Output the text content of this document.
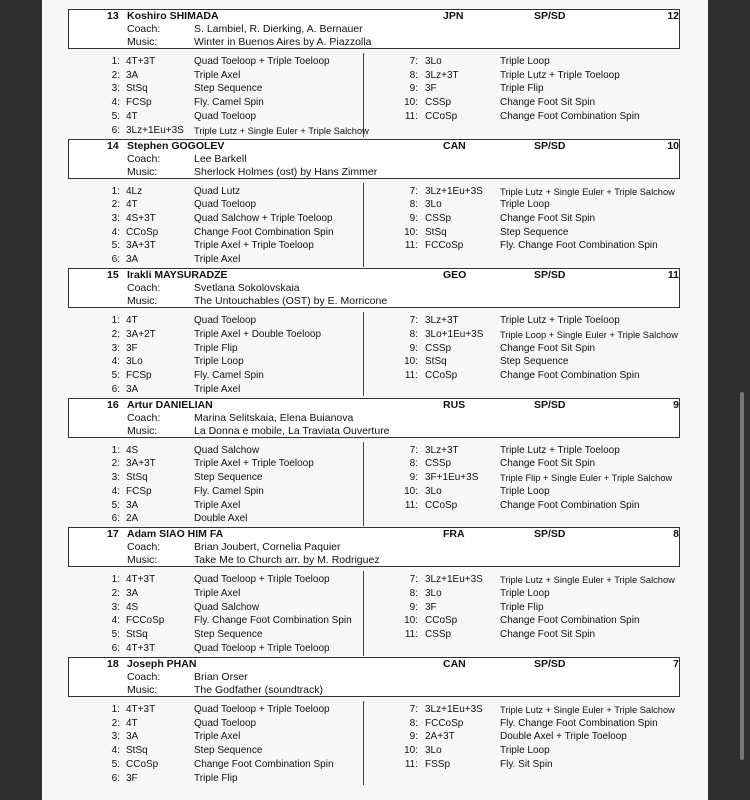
13 Koshiro SHIMADA	JPN	SP/SD	12
Coach:	S. Lambiel, R. Dierking, A. Bernauer
Music:	Winter in Buenos Aires by A. Piazzolla
1: 4T+3T	Quad Toeloop + Triple Toeloop
2: 3A	Triple Axel
3: StSq	Step Sequence
4: FCSp	Fly. Camel Spin
5: 4T	Quad Toeloop
6: 3Lz+1Eu+3S Triple Lutz + Single Euler + Triple Salchow
7: 3Lo	Triple Loop
8: 3Lz+3T	Triple Lutz + Triple Toeloop
9: 3F	Triple Flip
10: CSSp	Change Foot Sit Spin
11: CCoSp	Change Foot Combination Spin
14 Stephen GOGOLEV	CAN	SP/SD	10
Coach:	Lee Barkell
Music:	Sherlock Holmes (ost) by Hans Zimmer
1: 4Lz	Quad Lutz
2: 4T	Quad Toeloop
3: 4S+3T	Quad Salchow + Triple Toeloop
4: CCoSp	Change Foot Combination Spin
5: 3A+3T	Triple Axel + Triple Toeloop
6: 3A	Triple Axel
7: 3Lz+1Eu+3S Triple Lutz + Single Euler + Triple Salchow
8: 3Lo	Triple Loop
9: CSSp	Change Foot Sit Spin
10: StSq	Step Sequence
11: FCCoSp	Fly. Change Foot Combination Spin
15 Irakli MAYSURADZE	GEO	SP/SD	11
Coach:	Svetlana Sokolovskaia
Music:	The Untouchables (OST) by E. Morricone
1: 4T	Quad Toeloop
2: 3A+2T	Triple Axel + Double Toeloop
3: 3F	Triple Flip
4: 3Lo	Triple Loop
5: FCSp	Fly. Camel Spin
6: 3A	Triple Axel
7: 3Lz+3T	Triple Lutz + Triple Toeloop
8: 3Lo+1Eu+3S Triple Loop + Single Euler + Triple Salchow
9: CSSp	Change Foot Sit Spin
10: StSq	Step Sequence
11: CCoSp	Change Foot Combination Spin
16 Artur DANIELIAN	RUS	SP/SD	9
Coach:	Marina Selitskaia, Elena Buianova
Music:	La Donna e mobile, La Traviata Ouverture
1: 4S	Quad Salchow
2: 3A+3T	Triple Axel + Triple Toeloop
3: StSq	Step Sequence
4: FCSp	Fly. Camel Spin
5: 3A	Triple Axel
6: 2A	Double Axel
7: 3Lz+3T	Triple Lutz + Triple Toeloop
8: CSSp	Change Foot Sit Spin
9: 3F+1Eu+3S Triple Flip + Single Euler + Triple Salchow
10: 3Lo	Triple Loop
11: CCoSp	Change Foot Combination Spin
17 Adam SIAO HIM FA	FRA	SP/SD	8
Coach:	Brian Joubert, Cornelia Paquier
Music:	Take Me to Church arr. by M. Rodriguez
1: 4T+3T	Quad Toeloop + Triple Toeloop
2: 3A	Triple Axel
3: 4S	Quad Salchow
4: FCCoSp	Fly. Change Foot Combination Spin
5: StSq	Step Sequence
6: 4T+3T	Quad Toeloop + Triple Toeloop
7: 3Lz+1Eu+3S Triple Lutz + Single Euler + Triple Salchow
8: 3Lo	Triple Loop
9: 3F	Triple Flip
10: CCoSp	Change Foot Combination Spin
11: CSSp	Change Foot Sit Spin
18 Joseph PHAN	CAN	SP/SD	7
Coach:	Brian Orser
Music:	The Godfather (soundtrack)
1: 4T+3T	Quad Toeloop + Triple Toeloop
2: 4T	Quad Toeloop
3: 3A	Triple Axel
4: StSq	Step Sequence
5: CCoSp	Change Foot Combination Spin
6: 3F	Triple Flip
7: 3Lz+1Eu+3S Triple Lutz + Single Euler + Triple Salchow
8: FCCoSp	Fly. Change Foot Combination Spin
9: 2A+3T	Double Axel + Triple Toeloop
10: 3Lo	Triple Loop
11: FSSp	Fly. Sit Spin
